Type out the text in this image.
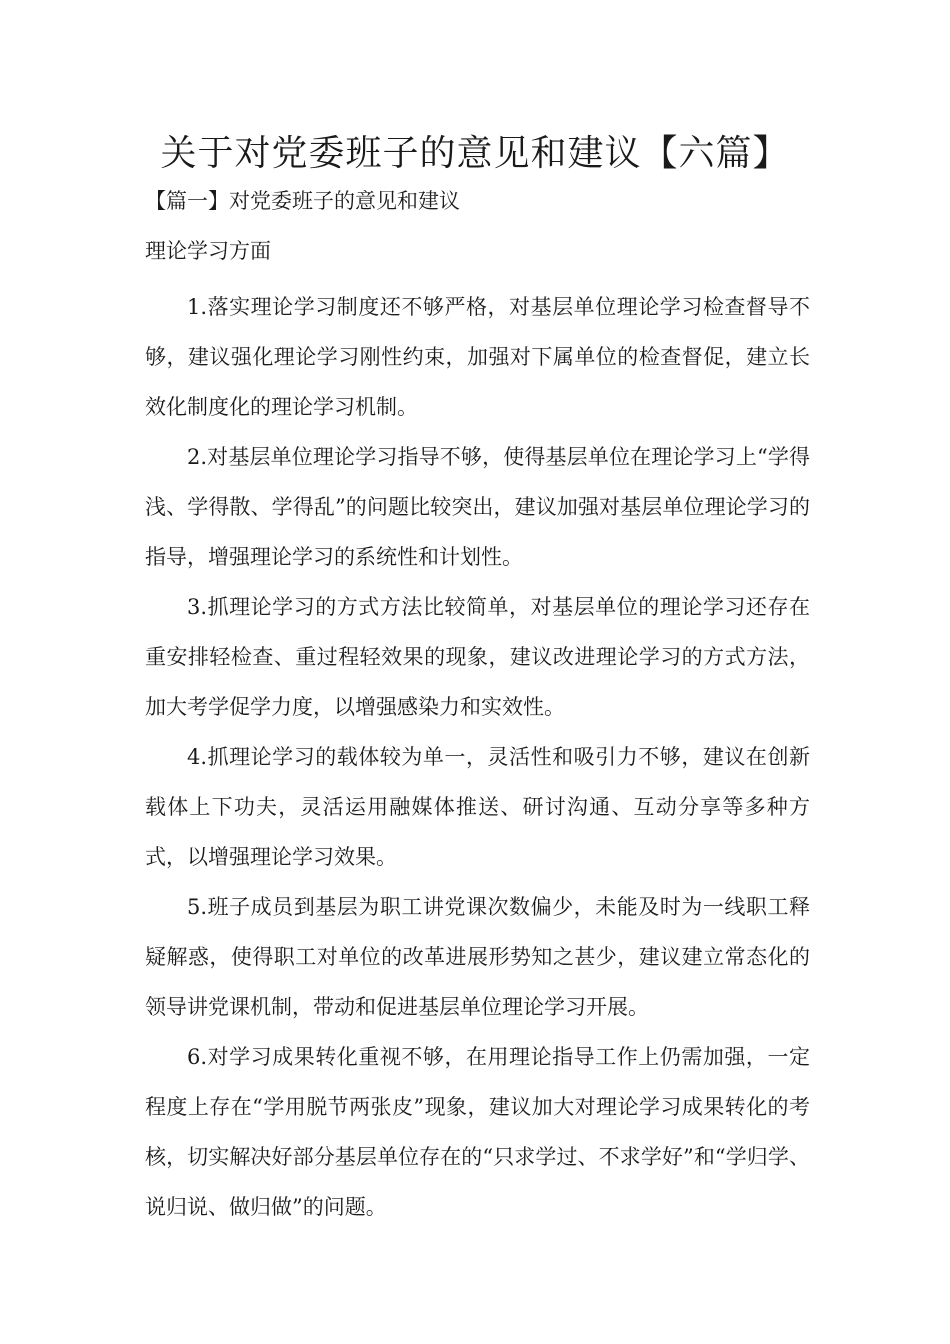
关于对党委班子的意见和建议【六篇】
【篇一】对党委班子的意见和建议
理论学习方面

1.落实理论学习制度还不够严格，对基层单位理论学习检查督导不够，建议强化理论学习刚性约束，加强对下属单位的检查督促，建立长效化制度化的理论学习机制。

2.对基层单位理论学习指导不够，使得基层单位在理论学习上“学得浅、学得散、学得乱”的问题比较突出，建议加强对基层单位理论学习的指导，增强理论学习的系统性和计划性。

3.抓理论学习的方式方法比较简单，对基层单位的理论学习还存在重安排轻检查、重过程轻效果的现象，建议改进理论学习的方式方法，加大考学促学力度，以增强感染力和实效性。

4.抓理论学习的载体较为单一，灵活性和吸引力不够，建议在创新载体上下功夫，灵活运用融媒体推送、研讨沟通、互动分享等多种方式，以增强理论学习效果。

5.班子成员到基层为职工讲党课次数偏少，未能及时为一线职工释疑解惑，使得职工对单位的改革进展形势知之甚少，建议建立常态化的领导讲党课机制，带动和促进基层单位理论学习开展。

6.对学习成果转化重视不够，在用理论指导工作上仍需加强，一定程度上存在“学用脱节两张皮”现象，建议加大对理论学习成果转化的考核，切实解决好部分基层单位存在的“只求学过、不求学好”和“学归学、说归说、做归做”的问题。
